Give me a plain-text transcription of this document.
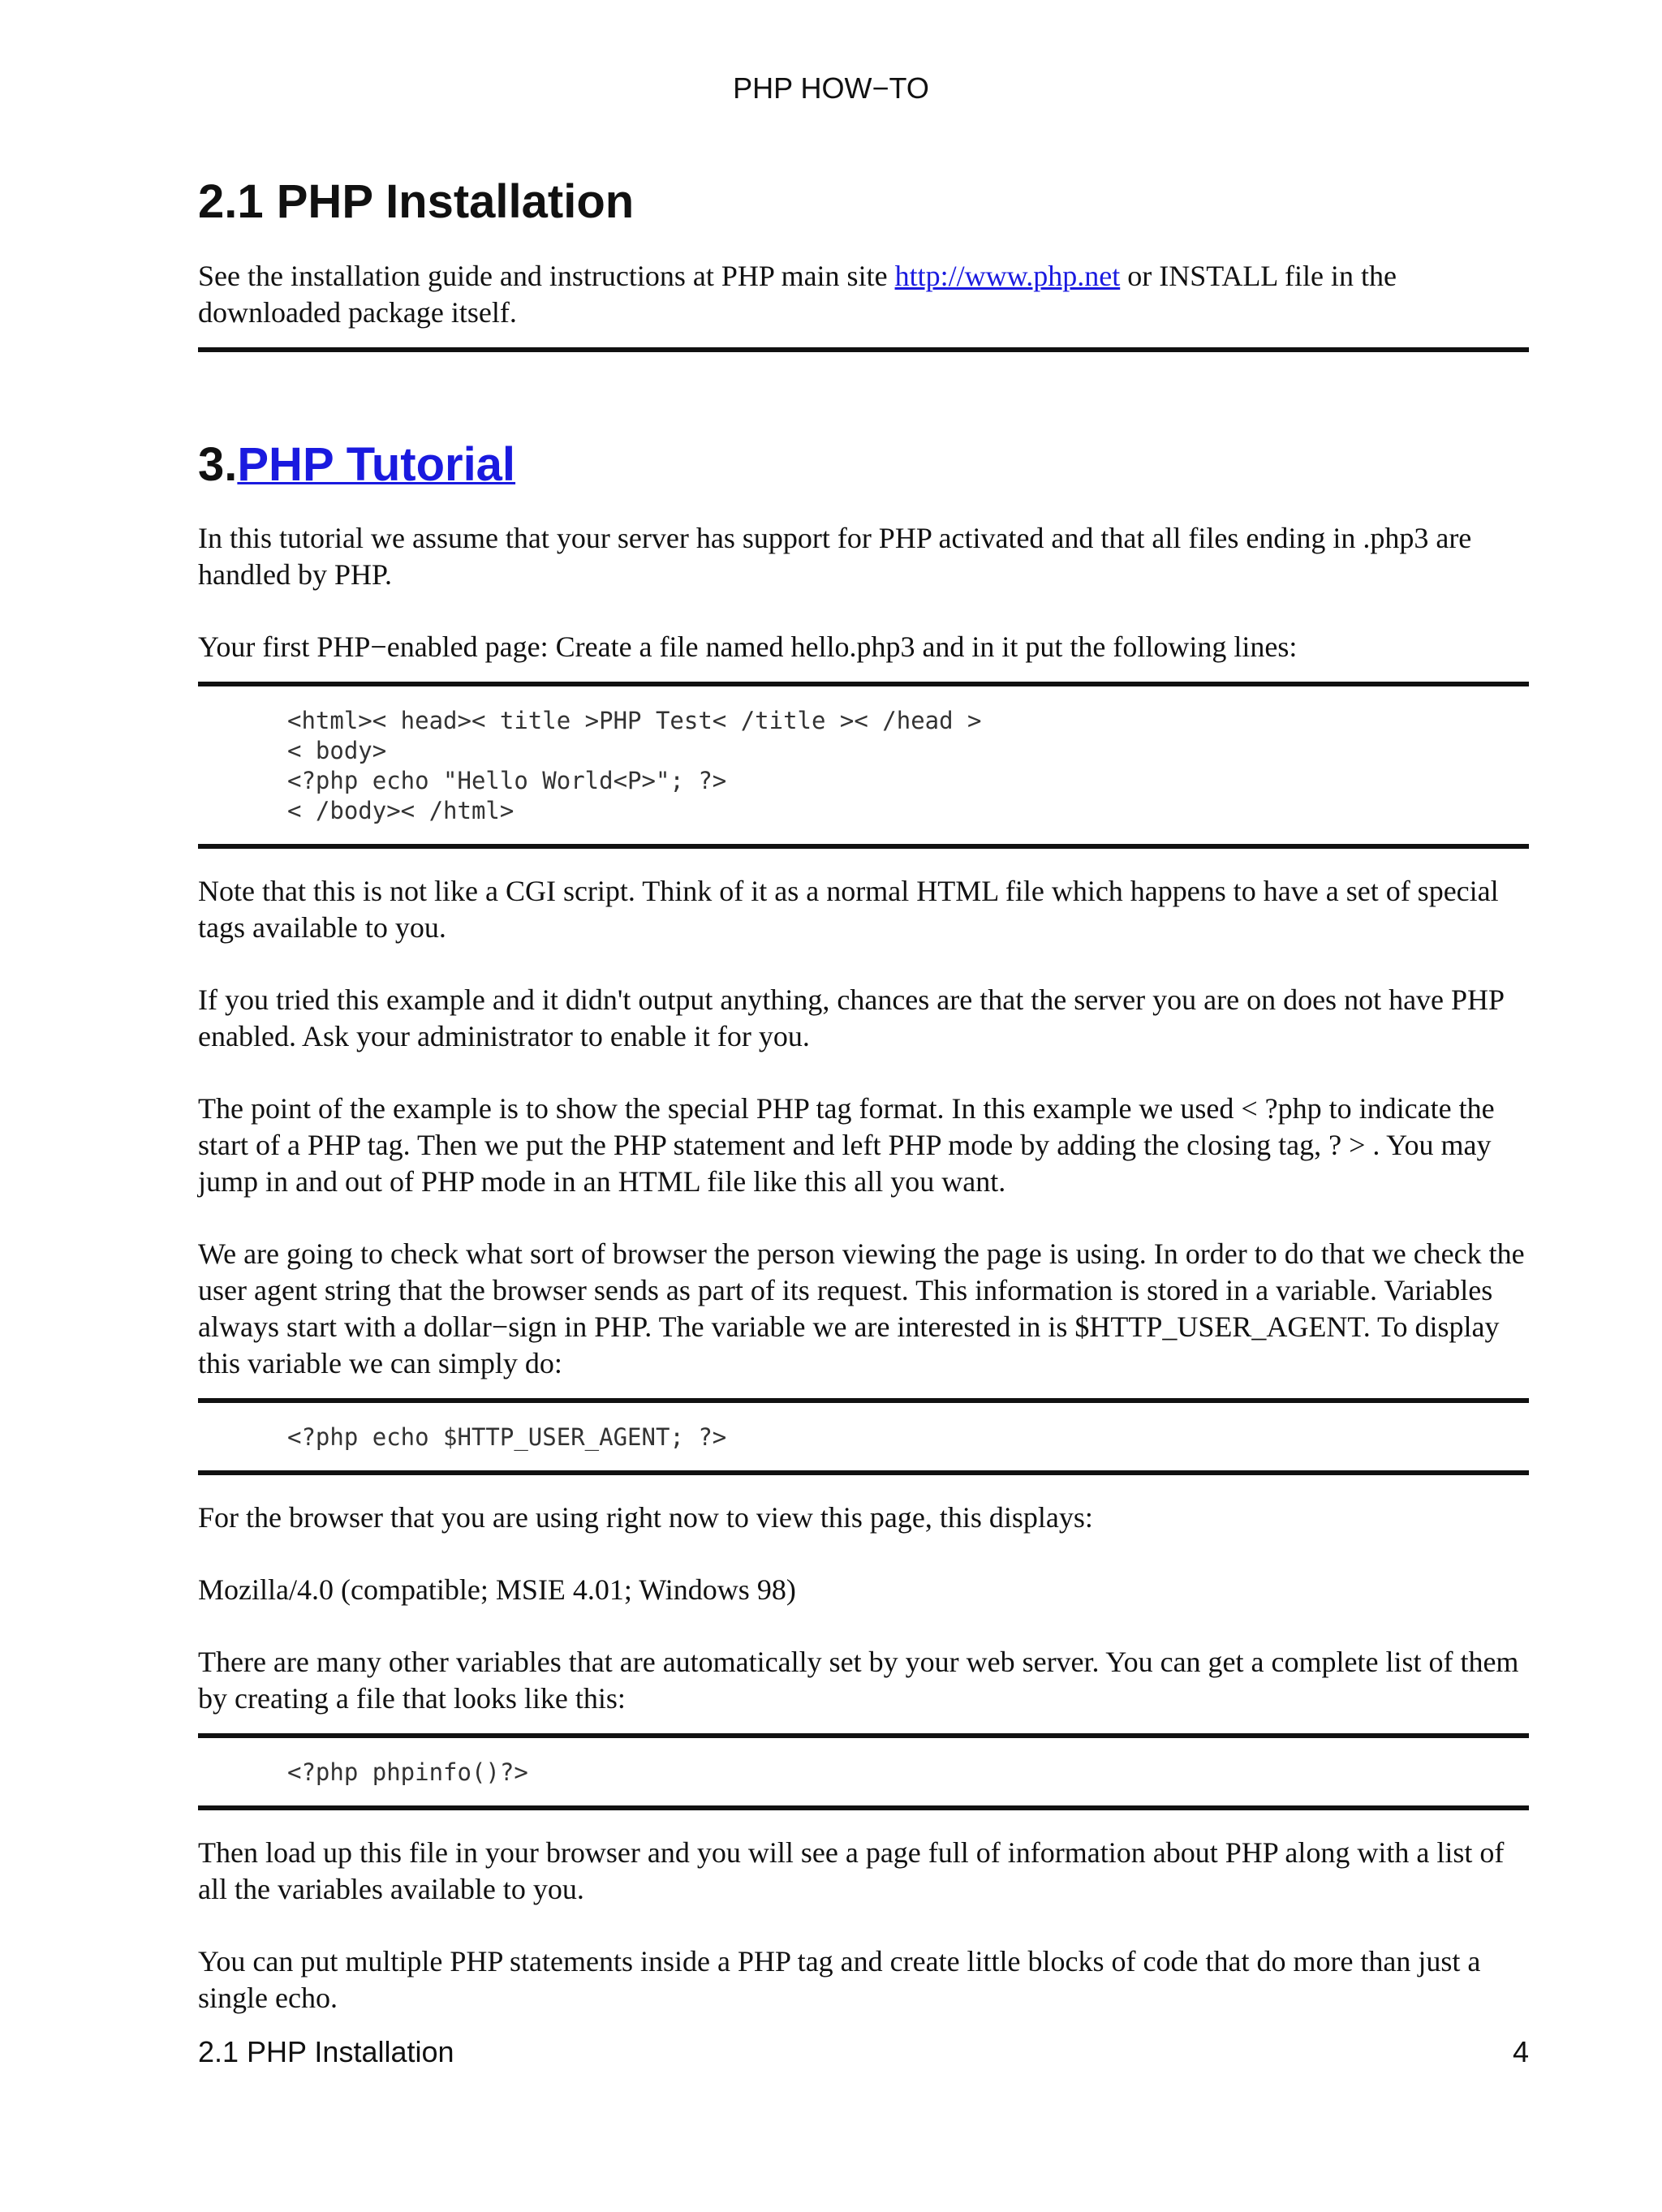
PHP HOW−TO
2.1 PHP Installation

See the installation guide and instructions at PHP main site http://www.php.net or INSTALL file in the downloaded package itself.

3.PHP Tutorial

In this tutorial we assume that your server has support for PHP activated and that all files ending in .php3 are handled by PHP.

Your first PHP−enabled page: Create a file named hello.php3 and in it put the following lines:

<html>< head>< title >PHP Test< /title >< /head >
< body>
<?php echo "Hello World<P>"; ?>
< /body>< /html>

Note that this is not like a CGI script. Think of it as a normal HTML file which happens to have a set of special tags available to you.

If you tried this example and it didn't output anything, chances are that the server you are on does not have PHP enabled. Ask your administrator to enable it for you.

The point of the example is to show the special PHP tag format. In this example we used < ?php to indicate the start of a PHP tag. Then we put the PHP statement and left PHP mode by adding the closing tag, ? > . You may jump in and out of PHP mode in an HTML file like this all you want.

We are going to check what sort of browser the person viewing the page is using. In order to do that we check the user agent string that the browser sends as part of its request. This information is stored in a variable. Variables always start with a dollar−sign in PHP. The variable we are interested in is $HTTP_USER_AGENT. To display this variable we can simply do:

<?php echo $HTTP_USER_AGENT; ?>

For the browser that you are using right now to view this page, this displays:

Mozilla/4.0 (compatible; MSIE 4.01; Windows 98)

There are many other variables that are automatically set by your web server. You can get a complete list of them by creating a file that looks like this:

<?php phpinfo()?>

Then load up this file in your browser and you will see a page full of information about PHP along with a list of all the variables available to you.

You can put multiple PHP statements inside a PHP tag and create little blocks of code that do more than just a single echo.

2.1 PHP Installation	4
